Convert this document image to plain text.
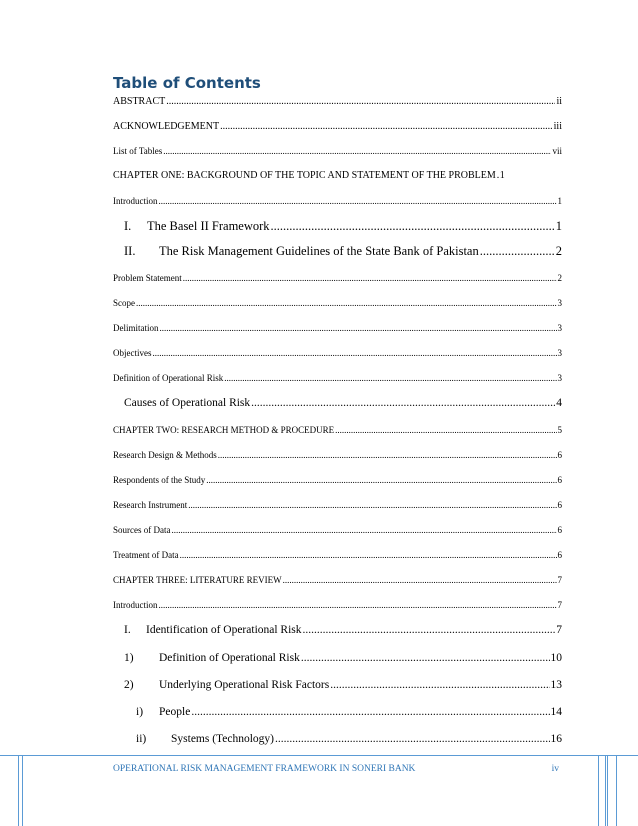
Table of Contents
ABSTRACT .....	ii
ACKNOWLEDGEMENT .....	iii
List of Tables .....	vii
CHAPTER ONE: BACKGROUND OF THE TOPIC AND STATEMENT OF THE PROBLEM ..... 1
Introduction .....	1
I.	The Basel II Framework .....	1
II.	The Risk Management Guidelines of the State Bank of Pakistan .....	2
Problem Statement .....	2
Scope .....	3
Delimitation .....	3
Objectives .....	3
Definition of Operational Risk .....	3
Causes of Operational Risk .....	4
CHAPTER TWO: RESEARCH METHOD & PROCEDURE .....	5
Research Design & Methods .....	6
Respondents of the Study .....	6
Research Instrument .....	6
Sources of Data .....	6
Treatment of Data .....	6
CHAPTER THREE: LITERATURE REVIEW .....	7
Introduction .....	7
I.	Identification of Operational Risk .....	7
1)	Definition of Operational Risk .....	10
2)	Underlying Operational Risk Factors .....	13
i)	People .....	14
ii)	Systems (Technology) .....	16
OPERATIONAL RISK MANAGEMENT FRAMEWORK IN SONERI BANK	iv
